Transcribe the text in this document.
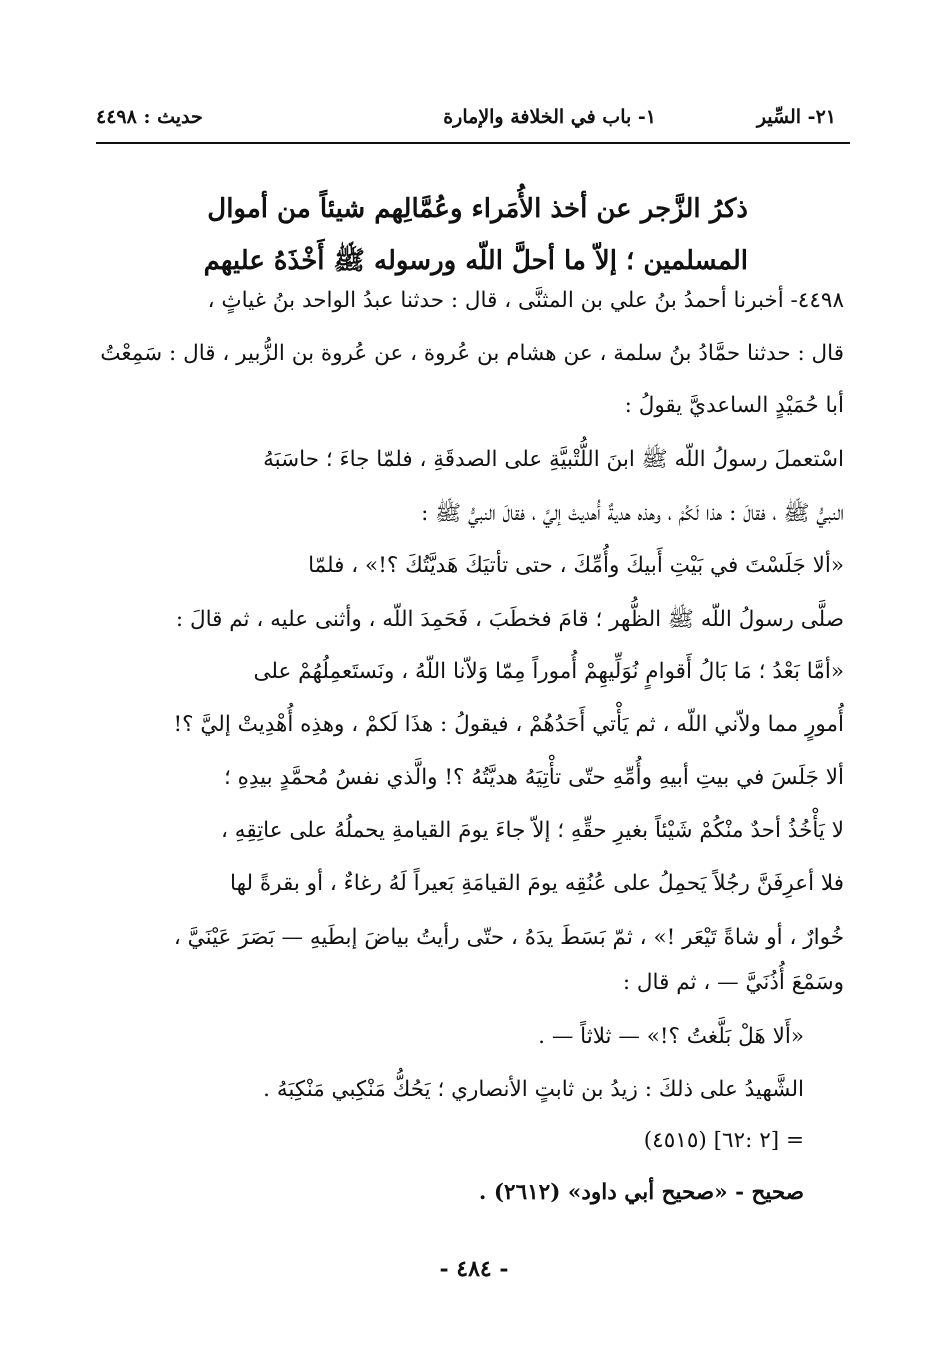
٢١- السِّير
١- باب في الخلافة والإمارة
حديث : ٤٤٩٨
ذكرُ الزَّجر عن أخذ الأُمَراء وعُمَّالِهم شيئاً من أموال
المسلمين ؛ إلاّ ما أحلَّ اللّه ورسوله ﷺ أَخْذَهُ عليهم
٤٤٩٨- أخبرنا أحمدُ بنُ علي بن المثنَّى ، قال : حدثنا عبدُ الواحد بنُ غياثٍ ،
قال : حدثنا حمَّادُ بنُ سلمة ، عن هشام بن عُروة ، عن عُروة بن الزُّبير ، قال : سَمِعْتُ
أبا حُمَيْدٍ الساعديَّ يقولُ :
اسْتعملَ رسولُ اللّه ﷺ ابنَ اللُّتْبيَّةِ على الصدقَةِ ، فلمّا جاءَ ؛ حاسَبَهُ
النبيُّ ﷺ ، فقالَ : هذا لَكُمْ ، وهذه هديةٌ أُهديتْ إليَّ ، فقالَ النبيُّ ﷺ :
«ألا جَلَسْتَ في بَيْتِ أَبيكَ وأُمِّكَ ، حتى تأتيَكَ هَديَّتُكَ ؟!» ، فلمّا
صلَّى رسولُ اللّه ﷺ الظُّهر ؛ قامَ فخطَبَ ، فَحَمِدَ اللّه ، وأثنى عليه ، ثم قالَ :
«أمَّا بَعْدُ ؛ مَا بَالُ أَقوامٍ نُوَلِّيهِمْ أُموراً مِمّا وَلاّنا اللّهُ ، ونَستَعمِلُهُمْ على
أُمورٍ مما ولاّني اللّه ، ثم يَأْتي أَحَدُهُمْ ، فيقولُ : هذَا لَكمْ ، وهذِه أُهْدِيتْ إليَّ ؟!
ألا جَلَسَ في بيتِ أبيهِ وأُمِّهِ حتّى تأْتِيَهُ هديَّتُهُ ؟! والَّذي نفسُ مُحمَّدٍ بيدِهِ ؛
لا يَأْخُذُ أحدٌ منْكُمْ شَيْئاً بغيرِ حقِّهِ ؛ إلاّ جاءَ يومَ القيامةِ يحملُهُ على عاتِقِهِ ،
فلا أعرِفَنَّ رجُلاً يَحمِلُ على عُنُقِه يومَ القيامَةِ بَعيراً لَهُ رغاءٌ ، أو بقرةً لها
خُوارٌ ، أو شاةً تَيْعَر !» ، ثمّ بَسَطَ يدَهُ ، حتّى رأيتُ بياضَ إبطَيهِ — بَصَرَ عَيْنَيَّ ،
وسَمْعَ أُذُنَيَّ — ، ثم قال :
«أَلا هَلْ بَلَّغتُ ؟!» — ثلاثاً — .
الشَّهيدُ على ذلكَ : زيدُ بن ثابتٍ الأنصاري ؛ يَحُكُّ مَنْكِبي مَنْكِبَهُ .
= [٢ :٦٢] (٤٥١٥)
صحيح - «صحيح أبي داود» (٢٦١٢) .
- ٤٨٤ -
